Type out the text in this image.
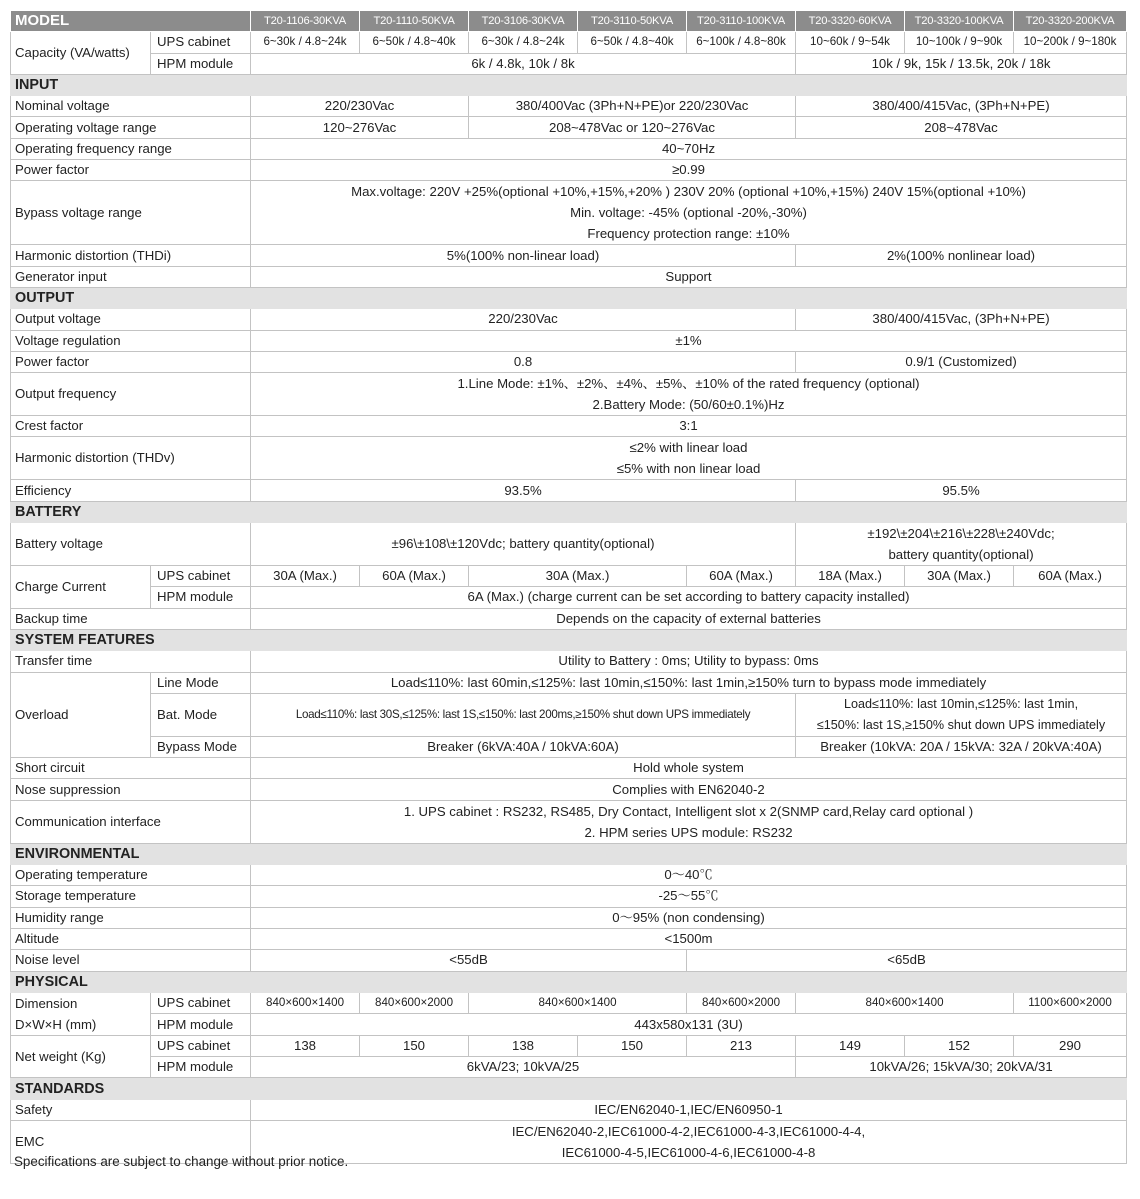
MODEL		T20-1106-30KVA	T20-1110-50KVA	T20-3106-30KVA	T20-3110-50KVA	T20-3110-100KVA	T20-3320-60KVA	T20-3320-100KVA	T20-3320-200KVA
Capacity (VA/watts)	UPS cabinet	6~30k / 4.8~24k	6~50k / 4.8~40k	6~30k / 4.8~24k	6~50k / 4.8~40k	6~100k / 4.8~80k	10~60k / 9~54k	10~100k / 9~90k	10~200k / 9~180k
	HPM module	6k / 4.8k, 10k / 8k					10k / 9k, 15k / 13.5k, 20k / 18k		
INPUT									
Nominal voltage		220/230Vac		380/400Vac (3Ph+N+PE)or 220/230Vac			380/400/415Vac, (3Ph+N+PE)		
Operating voltage range		120~276Vac		208~478Vac or 120~276Vac			208~478Vac		
Operating frequency range		40~70Hz							
Power factor		≥0.99							
Bypass voltage range		Max.voltage: 220V +25%(optional +10%,+15%,+20% ) 230V 20% (optional +10%,+15%) 240V 15%(optional +10%)
Min. voltage: -45% (optional -20%,-30%)
Frequency protection range: ±10%							

Harmonic distortion (THDi)		5%(100% non-linear load)					2%(100% nonlinear load)		
Generator input		Support							
OUTPUT									
Output voltage		220/230Vac					380/400/415Vac, (3Ph+N+PE)		
Voltage regulation		±1%							
Power factor		0.8					0.9/1 (Customized)		
Output frequency		1.Line Mode: ±1%、±2%、±4%、±5%、±10% of the rated frequency (optional)
2.Battery Mode: (50/60±0.1%)Hz							

Crest factor		3:1							
Harmonic distortion (THDv)		≤2% with linear load
≤5% with non linear load							

Efficiency		93.5%					95.5%		
BATTERY									
Battery voltage		±96\±108\±120Vdc; battery quantity(optional)					±192\±204\±216\±228\±240Vdc;
battery quantity(optional)		

Charge Current	UPS cabinet	30A (Max.)	60A (Max.)	30A (Max.)		60A (Max.)	18A (Max.)	30A (Max.)	60A (Max.)
	HPM module	6A (Max.) (charge current can be set according to battery capacity installed)							
Backup time		Depends on the capacity of external batteries							
SYSTEM FEATURES									
Transfer time		Utility to Battery : 0ms; Utility to bypass: 0ms							
Overload	Line Mode	Load≤110%: last 60min,≤125%: last 10min,≤150%: last 1min,≥150% turn to bypass mode immediately							
	Bat. Mode	Load≤110%: last 30S,≤125%: last 1S,≤150%: last 200ms,≥150% shut down UPS immediately					Load≤110%: last 10min,≤125%: last 1min,
≤150%: last 1S,≥150% shut down UPS immediately		

	Bypass Mode	Breaker (6kVA:40A / 10kVA:60A)					Breaker (10kVA: 20A / 15kVA: 32A / 20kVA:40A)		
Short circuit		Hold whole system							
Nose suppression		Complies with EN62040-2							
Communication interface		1. UPS cabinet : RS232, RS485, Dry Contact, Intelligent slot x 2(SNMP card,Relay card optional )
2. HPM series UPS module: RS232							

ENVIRONMENTAL									
Operating temperature		0～40℃							
Storage temperature		-25～55℃							
Humidity range		0～95% (non condensing)							
Altitude		<1500m							
Noise level		<55dB				<65dB			
PHYSICAL									

Dimension
D×W×H (mm)	UPS cabinet	840×600×1400	840×600×2000	840×600×1400		840×600×2000	840×600×1400		1100×600×2000
	HPM module	443x580x131 (3U)							
Net weight (Kg)	UPS cabinet	138	150	138	150	213	149	152	290
	HPM module	6kVA/23; 10kVA/25					10kVA/26; 15kVA/30; 20kVA/31		
STANDARDS									
Safety		IEC/EN62040-1,IEC/EN60950-1							
EMC		IEC/EN62040-2,IEC61000-4-2,IEC61000-4-3,IEC61000-4-4,
IEC61000-4-5,IEC61000-4-6,IEC61000-4-8							
Specifications are subject to change without prior notice.
